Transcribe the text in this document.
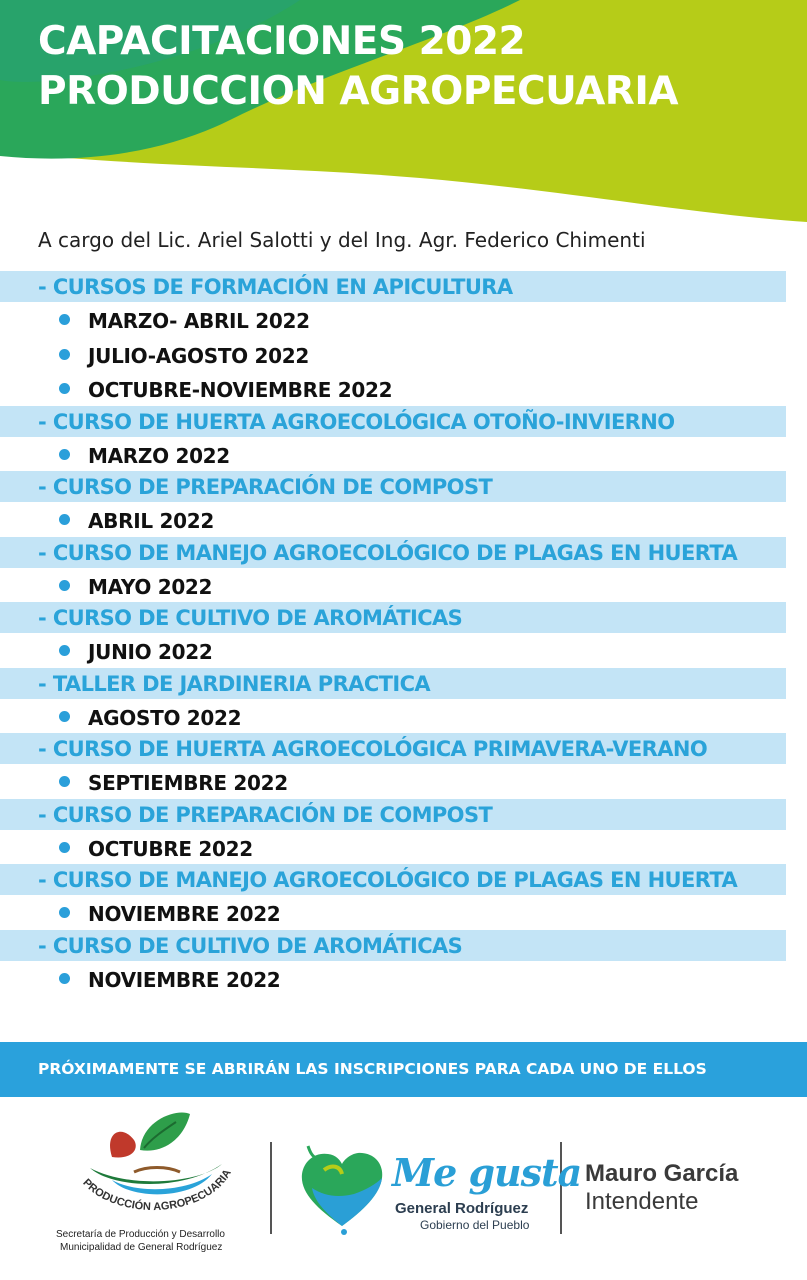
CAPACITACIONES 2022
PRODUCCION AGROPECUARIA
A cargo del Lic. Ariel Salotti y del Ing. Agr. Federico Chimenti
- CURSOS DE FORMACIÓN EN APICULTURA
MARZO- ABRIL 2022
JULIO-AGOSTO 2022
OCTUBRE-NOVIEMBRE 2022
- CURSO DE HUERTA AGROECOLÓGICA OTOÑO-INVIERNO
MARZO 2022
- CURSO DE PREPARACIÓN DE COMPOST
ABRIL 2022
- CURSO DE MANEJO AGROECOLÓGICO DE PLAGAS EN HUERTA
MAYO 2022
- CURSO DE CULTIVO DE AROMÁTICAS
JUNIO 2022
- TALLER DE JARDINERIA PRACTICA
AGOSTO 2022
- CURSO DE HUERTA AGROECOLÓGICA PRIMAVERA-VERANO
SEPTIEMBRE 2022
- CURSO DE PREPARACIÓN DE COMPOST
OCTUBRE 2022
- CURSO DE MANEJO AGROECOLÓGICO DE PLAGAS EN HUERTA
NOVIEMBRE 2022
- CURSO DE CULTIVO DE AROMÁTICAS
NOVIEMBRE 2022
PRÓXIMAMENTE SE ABRIRÁN LAS INSCRIPCIONES PARA CADA UNO DE ELLOS
PRODUCCIÓN AGROPECUARIA
Secretaría de Producción y Desarrollo
Municipalidad de General Rodríguez
Me gusta
General Rodríguez
Gobierno del Pueblo
Mauro García
Intendente
